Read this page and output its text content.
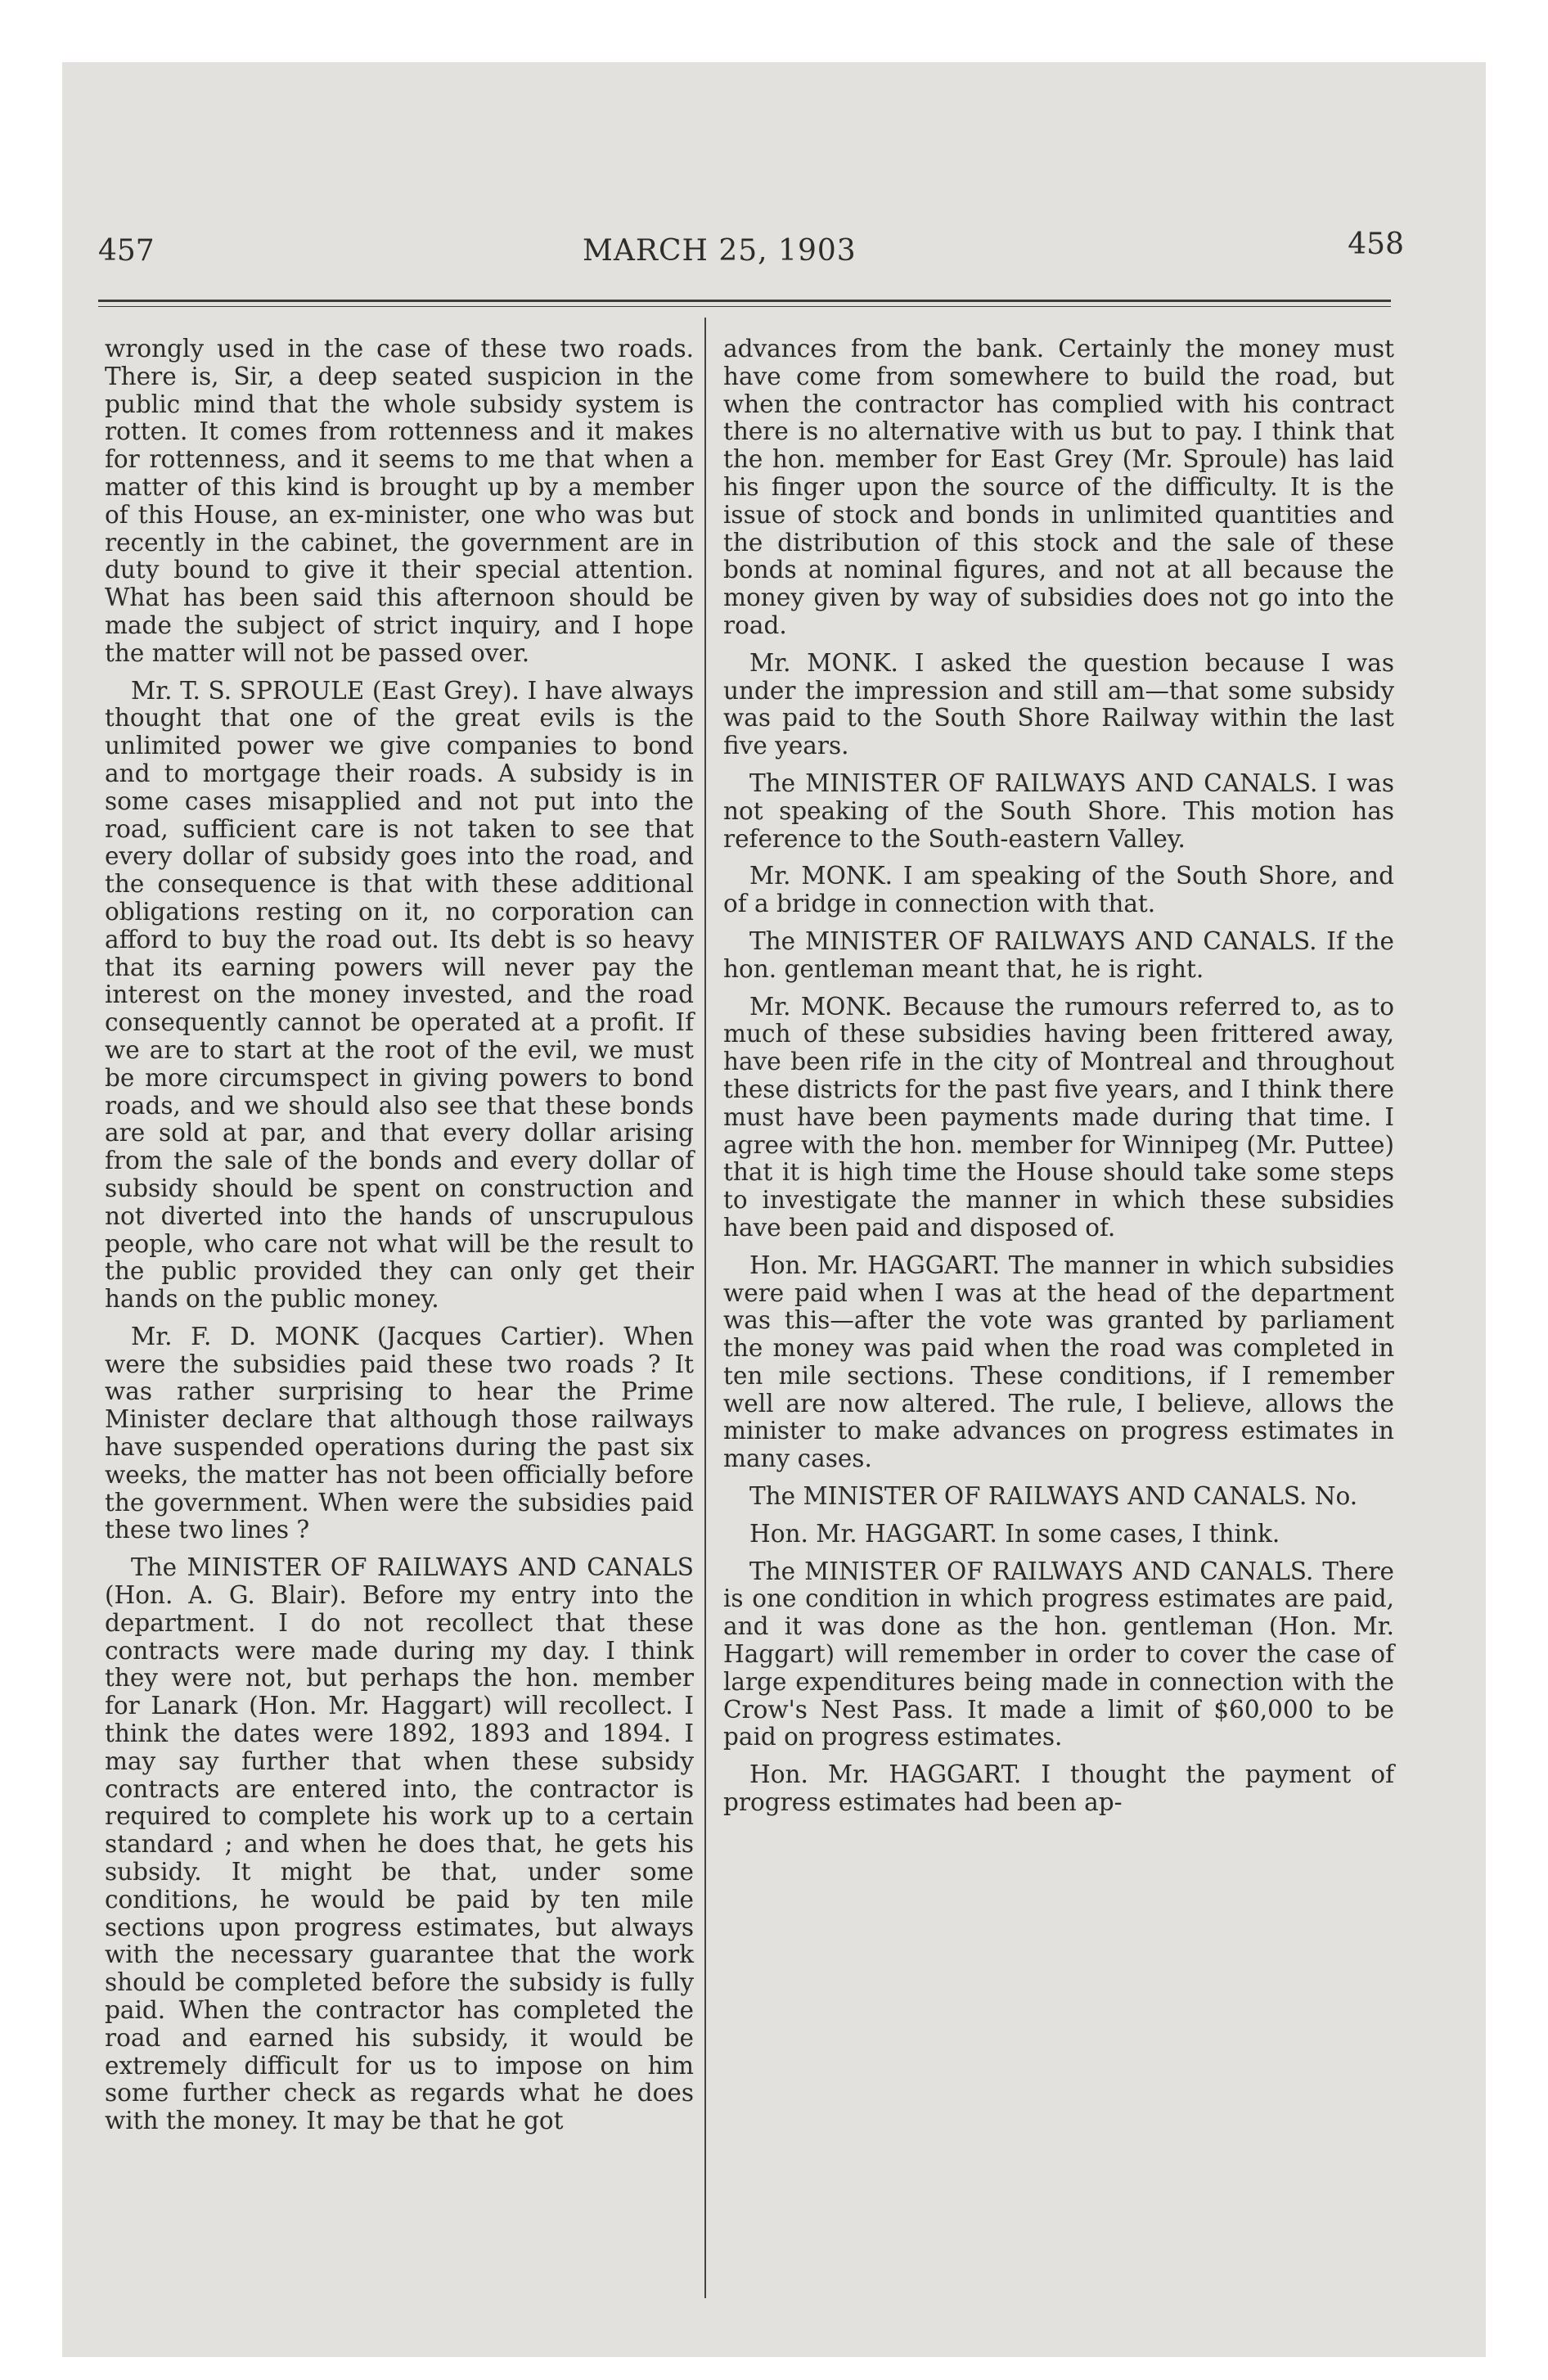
457	MARCH 25, 1903	458

wrongly used in the case of these two roads. There is, Sir, a deep seated suspicion in the public mind that the whole subsidy system is rotten. It comes from rottenness and it makes for rottenness, and it seems to me that when a matter of this kind is brought up by a member of this House, an ex-minister, one who was but recently in the cabinet, the government are in duty bound to give it their special attention. What has been said this afternoon should be made the subject of strict inquiry, and I hope the matter will not be passed over.

Mr. T. S. SPROULE (East Grey). I have always thought that one of the great evils is the unlimited power we give companies to bond and to mortgage their roads. A subsidy is in some cases misapplied and not put into the road, sufficient care is not taken to see that every dollar of subsidy goes into the road, and the consequence is that with these additional obligations resting on it, no corporation can afford to buy the road out. Its debt is so heavy that its earning powers will never pay the interest on the money invested, and the road consequently cannot be operated at a profit. If we are to start at the root of the evil, we must be more circumspect in giving powers to bond roads, and we should also see that these bonds are sold at par, and that every dollar arising from the sale of the bonds and every dollar of subsidy should be spent on construction and not diverted into the hands of unscrupulous people, who care not what will be the result to the public provided they can only get their hands on the public money.

Mr. F. D. MONK (Jacques Cartier). When were the subsidies paid these two roads ? It was rather surprising to hear the Prime Minister declare that although those railways have suspended operations during the past six weeks, the matter has not been officially before the government. When were the subsidies paid these two lines ?

The MINISTER OF RAILWAYS AND CANALS (Hon. A. G. Blair). Before my entry into the department. I do not recollect that these contracts were made during my day. I think they were not, but perhaps the hon. member for Lanark (Hon. Mr. Haggart) will recollect. I think the dates were 1892, 1893 and 1894. I may say further that when these subsidy contracts are entered into, the contractor is required to complete his work up to a certain standard ; and when he does that, he gets his subsidy. It might be that, under some conditions, he would be paid by ten mile sections upon progress estimates, but always with the necessary guarantee that the work should be completed before the subsidy is fully paid. When the contractor has completed the road and earned his subsidy, it would be extremely difficult for us to impose on him some further check as regards what he does with the money. It may be that he got

advances from the bank. Certainly the money must have come from somewhere to build the road, but when the contractor has complied with his contract there is no alternative with us but to pay. I think that the hon. member for East Grey (Mr. Sproule) has laid his finger upon the source of the difficulty. It is the issue of stock and bonds in unlimited quantities and the distribution of this stock and the sale of these bonds at nominal figures, and not at all because the money given by way of subsidies does not go into the road.

Mr. MONK. I asked the question because I was under the impression and still am—that some subsidy was paid to the South Shore Railway within the last five years.

The MINISTER OF RAILWAYS AND CANALS. I was not speaking of the South Shore. This motion has reference to the South-eastern Valley.

Mr. MONK. I am speaking of the South Shore, and of a bridge in connection with that.

The MINISTER OF RAILWAYS AND CANALS. If the hon. gentleman meant that, he is right.

Mr. MONK. Because the rumours referred to, as to much of these subsidies having been frittered away, have been rife in the city of Montreal and throughout these districts for the past five years, and I think there must have been payments made during that time. I agree with the hon. member for Winnipeg (Mr. Puttee) that it is high time the House should take some steps to investigate the manner in which these subsidies have been paid and disposed of.

Hon. Mr. HAGGART. The manner in which subsidies were paid when I was at the head of the department was this—after the vote was granted by parliament the money was paid when the road was completed in ten mile sections. These conditions, if I remember well are now altered. The rule, I believe, allows the minister to make advances on progress estimates in many cases.

The MINISTER OF RAILWAYS AND CANALS. No.

Hon. Mr. HAGGART. In some cases, I think.

The MINISTER OF RAILWAYS AND CANALS. There is one condition in which progress estimates are paid, and it was done as the hon. gentleman (Hon. Mr. Haggart) will remember in order to cover the case of large expenditures being made in connection with the Crow's Nest Pass. It made a limit of $60,000 to be paid on progress estimates.

Hon. Mr. HAGGART. I thought the payment of progress estimates had been ap-
